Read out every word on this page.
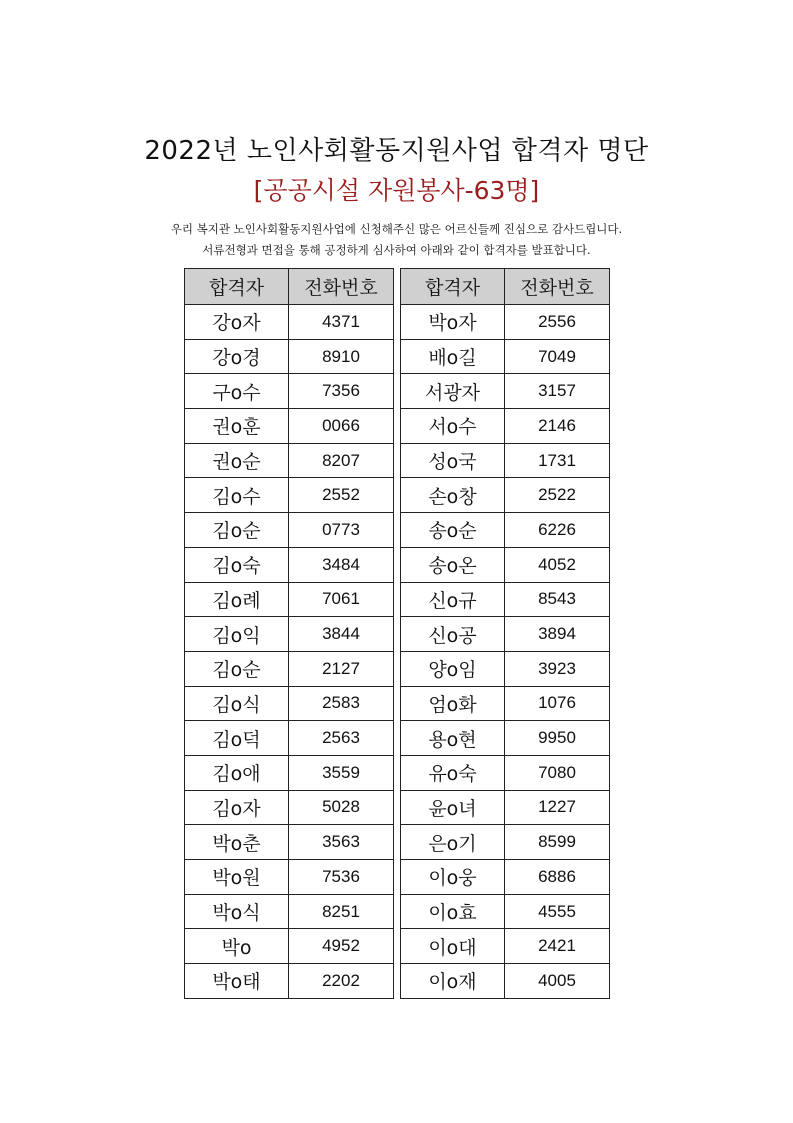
2022년 노인사회활동지원사업 합격자 명단
[공공시설 자원봉사-63명]
우리 복지관 노인사회활동지원사업에 신청해주신 많은 어르신들께 진심으로 감사드립니다.
서류전형과 면접을 통해 공정하게 심사하여 아래와 같이 합격자를 발표합니다.
합격자	전화번호
강o자	4371
강o경	8910
구o수	7356
권o훈	0066
권o순	8207
김o수	2552
김o순	0773
김o숙	3484
김o례	7061
김o익	3844
김o순	2127
김o식	2583
김o덕	2563
김o애	3559
김o자	5028
박o춘	3563
박o원	7536
박o식	8251
박o	4952
박o태	2202
합격자	전화번호
박o자	2556
배o길	7049
서광자	3157
서o수	2146
성o국	1731
손o창	2522
송o순	6226
송o온	4052
신o규	8543
신o공	3894
양o임	3923
엄o화	1076
용o현	9950
유o숙	7080
윤o녀	1227
은o기	8599
이o웅	6886
이o효	4555
이o대	2421
이o재	4005
